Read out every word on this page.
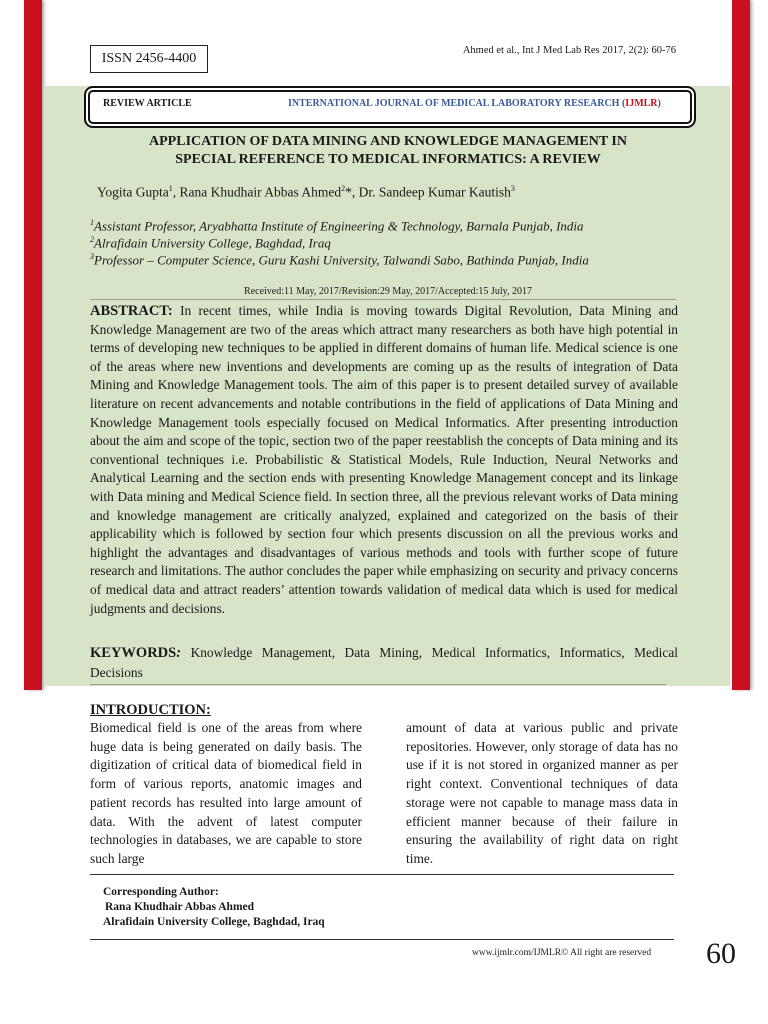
ISSN 2456-4400
Ahmed et al., Int J Med Lab Res 2017, 2(2): 60-76
REVIEW ARTICLE	INTERNATIONAL JOURNAL OF MEDICAL LABORATORY RESEARCH (IJMLR)
APPLICATION OF DATA MINING AND KNOWLEDGE MANAGEMENT IN
SPECIAL REFERENCE TO MEDICAL INFORMATICS: A REVIEW
Yogita Gupta$^1$, Rana Khudhair Abbas Ahmed$^2$*, Dr. Sandeep Kumar Kautish$^3$
$^1$Assistant Professor, Aryabhatta Institute of Engineering & Technology, Barnala Punjab, India
$^2$Alrafidain University College, Baghdad, Iraq
$^3$Professor – Computer Science, Guru Kashi University, Talwandi Sabo, Bathinda Punjab, India
Received:11 May, 2017/Revision:29 May, 2017/Accepted:15 July, 2017
ABSTRACT: In recent times, while India is moving towards Digital Revolution, Data Mining and Knowledge Management are two of the areas which attract many researchers as both have high potential in terms of developing new techniques to be applied in different domains of human life. Medical science is one of the areas where new inventions and developments are coming up as the results of integration of Data Mining and Knowledge Management tools. The aim of this paper is to present detailed survey of available literature on recent advancements and notable contributions in the field of applications of Data Mining and Knowledge Management tools especially focused on Medical Informatics. After presenting introduction about the aim and scope of the topic, section two of the paper reestablish the concepts of Data mining and its conventional techniques i.e. Probabilistic & Statistical Models, Rule Induction, Neural Networks and Analytical Learning and the section ends with presenting Knowledge Management concept and its linkage with Data mining and Medical Science field. In section three, all the previous relevant works of Data mining and knowledge management are critically analyzed, explained and categorized on the basis of their applicability which is followed by section four which presents discussion on all the previous works and highlight the advantages and disadvantages of various methods and tools with further scope of future research and limitations. The author concludes the paper while emphasizing on security and privacy concerns of medical data and attract readers’ attention towards validation of medical data which is used for medical judgments and decisions.
KEYWORDS: Knowledge Management, Data Mining, Medical Informatics, Informatics, Medical Decisions
INTRODUCTION:
Biomedical field is one of the areas from where huge data is being generated on daily basis. The digitization of critical data of biomedical field in form of various reports, anatomic images and patient records has resulted into large amount of data. With the advent of latest computer technologies in databases, we are capable to store such large
amount of data at various public and private repositories. However, only storage of data has no use if it is not stored in organized manner as per right context. Conventional techniques of data storage were not capable to manage mass data in efficient manner because of their failure in ensuring the availability of right data on right time.
Corresponding Author:
Rana Khudhair Abbas Ahmed
Alrafidain University College, Baghdad, Iraq
www.ijmlr.com/IJMLR© All right are reserved 60
